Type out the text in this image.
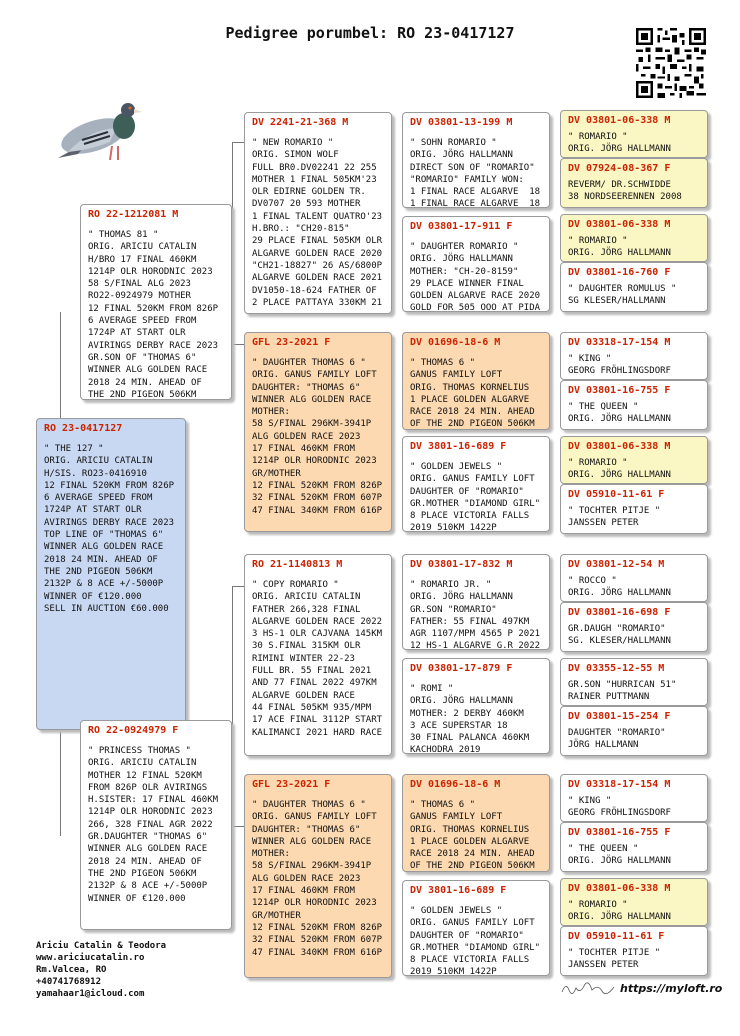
Pedigree porumbel: RO 23-0417127
RO 23-0417127
" THE 127 "
ORIG. ARICIU CATALIN
H/SIS. RO23-0416910
12 FINAL 520KM FROM 826P
6 AVERAGE SPEED FROM
1724P AT START OLR
AVIRINGS DERBY RACE 2023
TOP LINE OF "THOMAS 6"
WINNER ALG GOLDEN RACE
2018 24 MIN. AHEAD OF
THE 2ND PIGEON 506KM
2132P & 8 ACE +/-5000P
WINNER OF €120.000
SELL IN AUCTION €60.000
RO 22-1212081 M
" THOMAS 81 "
ORIG. ARICIU CATALIN
H/BRO 17 FINAL 460KM
1214P OLR HORODNIC 2023
58 S/FINAL ALG 2023
RO22-0924979 MOTHER
12 FINAL 520KM FROM 826P
6 AVERAGE SPEED FROM
1724P AT START OLR
AVIRINGS DERBY RACE 2023
GR.SON OF "THOMAS 6"
WINNER ALG GOLDEN RACE
2018 24 MIN. AHEAD OF
THE 2ND PIGEON 506KM
RO 22-0924979 F
" PRINCESS THOMAS "
ORIG. ARICIU CATALIN
MOTHER 12 FINAL 520KM
FROM 826P OLR AVIRINGS
H.SISTER: 17 FINAL 460KM
1214P OLR HORODNIC 2023
266, 328 FINAL AGR 2022
GR.DAUGHTER "THOMAS 6"
WINNER ALG GOLDEN RACE
2018 24 MIN. AHEAD OF
THE 2ND PIGEON 506KM
2132P & 8 ACE +/-5000P
WINNER OF €120.000
DV 2241-21-368 M
" NEW ROMARIO "
ORIG. SIMON WOLF
FULL BR0.DV02241 22 255
MOTHER 1 FINAL 505KM'23
OLR EDIRNE GOLDEN TR.
DV0707 20 593 MOTHER
1 FINAL TALENT QUATRO'23
H.BRO.: "CH20-815"
29 PLACE FINAL 505KM OLR
ALGARVE GOLDEN RACE 2020
"CH21-18827" 26 AS/6800P
ALGARVE GOLDEN RACE 2021
DV1050-18-624 FATHER OF
2 PLACE PATTAYA 330KM 21
GFL 23-2021 F
" DAUGHTER THOMAS 6 "
ORIG. GANUS FAMILY LOFT
DAUGHTER: "THOMAS 6"
WINNER ALG GOLDEN RACE
MOTHER:
58 S/FINAL 296KM-3941P
ALG GOLDEN RACE 2023
17 FINAL 460KM FROM
1214P OLR HORODNIC 2023
GR/MOTHER
12 FINAL 520KM FROM 826P
32 FINAL 520KM FROM 607P
47 FINAL 340KM FROM 616P
RO 21-1140813 M
" COPY ROMARIO "
ORIG. ARICIU CATALIN
FATHER 266,328 FINAL
ALGARVE GOLDEN RACE 2022
3 HS-1 OLR CAJVANA 145KM
30 S.FINAL 315KM OLR
RIMINI WINTER 22-23
FULL BR. 55 FINAL 2021
AND 77 FINAL 2022 497KM
ALGARVE GOLDEN RACE
44 FINAL 505KM 935/MPM
17 ACE FINAL 3112P START
KALIMANCI 2021 HARD RACE
GFL 23-2021 F
" DAUGHTER THOMAS 6 "
ORIG. GANUS FAMILY LOFT
DAUGHTER: "THOMAS 6"
WINNER ALG GOLDEN RACE
MOTHER:
58 S/FINAL 296KM-3941P
ALG GOLDEN RACE 2023
17 FINAL 460KM FROM
1214P OLR HORODNIC 2023
GR/MOTHER
12 FINAL 520KM FROM 826P
32 FINAL 520KM FROM 607P
47 FINAL 340KM FROM 616P
DV 03801-13-199 M
" SOHN ROMARIO "
ORIG. JÖRG HALLMANN
DIRECT SON OF "ROMARIO"
"ROMARIO" FAMILY WON:
1 FINAL RACE ALGARVE  18
1 FINAL RACE ALGARVE  18
DV 03801-17-911 F
" DAUGHTER ROMARIO "
ORIG. JÖRG HALLMANN
MOTHER: "CH-20-8159"
29 PLACE WINNER FINAL
GOLDEN ALGARVE RACE 2020
GOLD FOR 505 OOO AT PIDA
DV 01696-18-6 M
" THOMAS 6 "
GANUS FAMILY LOFT
ORIG. THOMAS KORNELIUS
1 PLACE GOLDEN ALGARVE
RACE 2018 24 MIN. AHEAD
OF THE 2ND PIGEON 506KM
DV 3801-16-689 F
" GOLDEN JEWELS "
ORIG. GANUS FAMILY LOFT
DAUGHTER OF "ROMARIO"
GR.MOTHER "DIAMOND GIRL"
8 PLACE VICTORIA FALLS
2019 510KM 1422P
DV 03801-17-832 M
" ROMARIO JR. "
ORIG. JÖRG HALLMANN
GR.SON "ROMARIO"
FATHER: 55 FINAL 497KM
AGR 1107/MPM 4565 P 2021
12 HS-1 ALGARVE G.R 2022
DV 03801-17-879 F
" ROMI "
ORIG. JÖRG HALLMANN
MOTHER: 2 DERBY 460KM
3 ACE SUPERSTAR 18
30 FINAL PALANCA 460KM
KACHODRA 2019
DV 01696-18-6 M
" THOMAS 6 "
GANUS FAMILY LOFT
ORIG. THOMAS KORNELIUS
1 PLACE GOLDEN ALGARVE
RACE 2018 24 MIN. AHEAD
OF THE 2ND PIGEON 506KM
DV 3801-16-689 F
" GOLDEN JEWELS "
ORIG. GANUS FAMILY LOFT
DAUGHTER OF "ROMARIO"
GR.MOTHER "DIAMOND GIRL"
8 PLACE VICTORIA FALLS
2019 510KM 1422P
DV 03801-06-338 M
" ROMARIO "
ORIG. JÖRG HALLMANN
DV 07924-08-367 F
REVERM/ DR.SCHWIDDE
38 NORDSEERENNEN 2008
DV 03801-06-338 M
" ROMARIO "
ORIG. JÖRG HALLMANN
DV 03801-16-760 F
" DAUGHTER ROMULUS "
SG KLESER/HALLMANN
DV 03318-17-154 M
" KING "
GEORG FRÖHLINGSDORF
DV 03801-16-755 F
" THE QUEEN "
ORIG. JÖRG HALLMANN
DV 03801-06-338 M
" ROMARIO "
ORIG. JÖRG HALLMANN
DV 05910-11-61 F
" TOCHTER PITJE "
JANSSEN PETER
DV 03801-12-54 M
" ROCCO "
ORIG. JÖRG HALLMANN
DV 03801-16-698 F
GR.DAUGH "ROMARIO"
SG. KLESER/HALLMANN
DV 03355-12-55 M
GR.SON "HURRICAN 51"
RAINER PUTTMANN
DV 03801-15-254 F
DAUGHTER "ROMARIO"
JÖRG HALLMANN
DV 03318-17-154 M
" KING "
GEORG FRÖHLINGSDORF
DV 03801-16-755 F
" THE QUEEN "
ORIG. JÖRG HALLMANN
DV 03801-06-338 M
" ROMARIO "
ORIG. JÖRG HALLMANN
DV 05910-11-61 F
" TOCHTER PITJE "
JANSSEN PETER
Ariciu Catalin & Teodora
www.ariciucatalin.ro
Rm.Valcea, RO
+40741768912
yamahaar1@icloud.com	https://myloft.ro
